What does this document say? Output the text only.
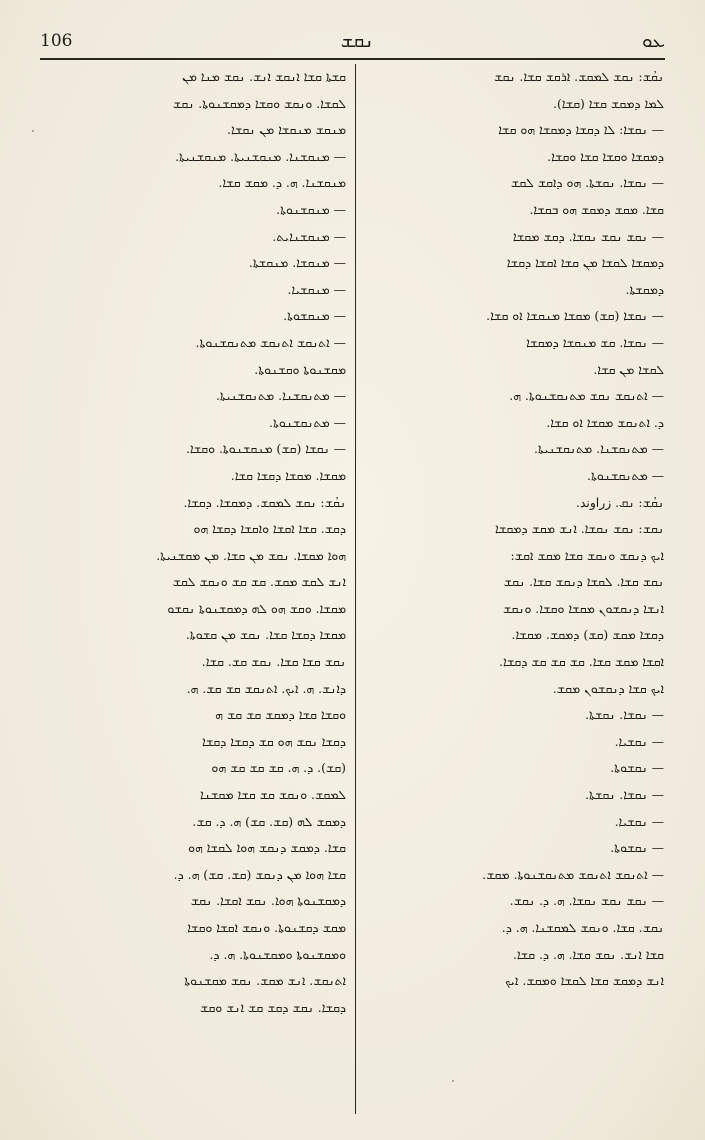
106	ܢܩܫ	ܥܘ
ܢܩܳܫ: ܢܩܫ ܠܡܩܫ. ܐܪܩܫ ܩܫܐ. ܢܩܫ
ܠܡܐ ܕܡܩܫ ܩܫܐ (ܩܫܐ).
— ܢܩܫܐ: ܠܐ ܕܩܫܐ ܕܡܩܫܐ ܗܘ ܩܫܐ
ܕܡܩܫܐ ܘܩܫܐ ܩܫܐ ܘܩܫܐ.
— ܢܩܫܐ. ܢܩܫܬܐ. ܗܘ ܕܐܩܫ ܠܩܫ
ܩܫܐ. ܡܩܫ ܕܡܩܫ ܗܘ ܒܩܫܐ.
— ܢܩܫ ܢܩܫ ܢܩܫܐ. ܕܩܫ ܡܩܫܐ
ܕܡܩܫܐ ܠܩܫܐ ܡܢ ܩܫܐ ܐܩܫܐ ܕܩܫܐ
ܕܡܩܫܬܐ.
— ܢܩܫܐ (ܩܫ) ܡܩܫܐ ܡܢܩܫܐ ܐܘ ܩܫܐ.
— ܢܩܫܐ. ܩܫ ܡܢܩܫܐ ܕܡܩܫܐ
ܠܩܫܐ ܡܢ ܩܫܐ.
— ܐܬܢܩܫ ܢܩܫ ܡܬܢܩܫܢܘܬܐ. ܗ.
ܕ. ܐܬܢܩܫ ܡܩܫܐ ܐܘ ܩܫܐ.
— ܡܬܢܩܫܢܐ. ܡܬܢܩܫܢܝܬܐ.
— ܡܬܢܩܫܢܘܬܐ.
ܢܩܳܫ: ܢܩ. زراوند.
ܢܩܫ: ܢܩܫ ܢܩܫܐ. ܐܢܫ ܡܩܫ ܕܡܩܫܐ
ܐܝܟ ܕܢܩܫ ܘܢܩܫ ܩܫܐ ܡܩܫ ܐܩܫ:
ܢܩܫ ܩܫܐ. ܠܩܫܐ ܕܢܩܫ ܩܫܐ. ܢܩܫ
ܐܢܫܐ ܕܢܩܫܘܢ ܡܩܫܐ ܘܩܫܐ. ܘܢܩܫ
ܕܩܫܐ ܡܩܫ (ܩܫ) ܕܡܩܫ. ܡܩܫܐ.
ܐܩܫܐ ܡܩܫ ܩܫܐ. ܩܫ ܩܫ ܩܫ ܕܩܫܐ.
ܐܝܟ ܩܫܐ ܕܢܩܫܘܢ ܡܩܫ.
— ܢܩܫܐ. ܢܩܫܬܐ.
— ܢܩܫܝܐ.
— ܢܩܫܘܬܐ.
— ܢܩܫܐ. ܢܩܫܬܐ.
— ܢܩܫܝܐ.
— ܢܩܫܘܬܐ.
— ܐܬܢܩܫ ܐܬܢܩܫ ܡܬܢܩܫܢܘܬܐ. ܡܩܫ.
— ܢܩܫ ܢܩܫ ܢܩܫܐ. ܗ. ܕ. ܢܩܫ.
ܢܩܫ. ܩܫܐ. ܘܢܩܫ ܠܡܩܫܢܐ. ܗ. ܕ.
ܩܫܐ ܐܢܫ. ܢܩܫ ܩܫܐ. ܗ. ܕ. ܩܫܐ.
ܐܢܫ ܕܡܩܫ ܩܫܐ ܠܩܫܐ ܘܡܩܫ. ܐܝܟ
ܩܫܬܐ ܩܫܐ ܐܢܩܫ ܐܢܫ. ܢܩܫ ܡܢܐ ܡܢ
ܠܩܫܐ. ܘܢܩܫ ܘܩܫܐ ܕܡܩܫܢܘܬܐ. ܢܩܫ
ܡܢܩܫ ܡܢܩܫܐ ܡܢ ܢܩܫܐ.
— ܡܢܩܫܢܐ. ܡܢܩܫܢܝܬܐ. ܡܢܩܫܢܝܬܐ.
ܡܢܩܫܢܐ. ܗ. ܕ. ܡܩܫ ܩܫܐ.
— ܡܢܩܫܢܘܬܐ.
— ܡܢܩܫܢܐܝܬ.
— ܡܢܩܫܐ. ܡܢܩܫܬܐ.
— ܡܢܩܫܝܐ.
— ܡܢܩܫܘܬܐ.
— ܐܬܢܩܫ ܐܬܢܩܫ ܡܬܢܩܫܢܘܬܐ.
ܡܩܫܢܘܬܐ ܘܩܫܢܘܬܐ.
— ܡܬܢܩܫܢܐ. ܡܬܢܩܫܢܝܬܐ.
— ܡܬܢܩܫܢܘܬܐ.
— ܢܩܫܐ (ܩܫ) ܡܢܩܫܢܘܬܐ. ܘܩܫܐ.
ܡܩܫܐ. ܡܩܫܐ ܕܩܫܐ ܩܫܐ.
ܢܩܳܫ: ܢܩܫ ܠܡܩܫ. ܕܡܩܫܐ. ܕܩܫܐ.
ܕܩܫ. ܩܫܐ ܐܩܫܐ ܘܐܩܫܐ ܕܩܫܐ ܗܘ
ܗܘܐ ܡܩܫܐ. ܢܩܫ ܡܢ ܩܫܐ. ܡܢ ܡܩܫܢܝܬܐ.
ܐܢܫ ܠܩܫ ܡܩܫ. ܩܫ ܩܫ ܘܢܩܫ ܠܩܫ
ܡܩܫܐ. ܘܩܫ ܗܘ ܠܗ ܕܡܩܫܢܘܬܐ ܢܩܫܘ
ܡܩܫܐ ܕܩܫܐ ܩܫܐ. ܢܩܫ ܡܢ ܩܫܘܬܐ.
ܢܩܫ ܩܫܐ ܩܫܐ. ܢܩܫ ܩܫ. ܩܫܐ.
ܕܐܢܫ. ܗ. ܐܝܟ. ܐܬܢܩܫ ܩܫ ܩܫ. ܗ.
ܘܩܫܐ ܩܫܐ ܕܡܩܫ ܩܫ ܩܫ ܗ
ܕܩܫܐ ܢܩܫ ܗܘ ܩܫ ܕܩܫܐ ܕܩܫܐ
(ܩܫ). ܕ. ܗ. ܩܫ ܩܫ ܩܫ ܗܘ
ܠܡܩܫ. ܘܢܩܫ ܩܫ ܩܫܐ ܡܩܫܢܐ
ܕܡܩܫ ܠܗ (ܩܫ. ܩܫ) ܗ. ܕ. ܩܫ.
ܩܫܐ. ܕܡܩܫ ܕܢܩܫ ܗܘܐ ܠܩܫܐ ܗܘ
ܩܫܐ ܗܘܐ ܡܢ ܕܢܩܫ (ܩܫ. ܩܫ) ܗ. ܕ.
ܕܡܩܫܢܘܬܐ ܗܘܐ. ܢܩܫ ܐܩܫܐ. ܢܩܫ
ܡܩܫ ܕܩܫܢܘܬܐ. ܘܢܩܫ ܐܩܫܐ ܘܩܫܐ
ܘܡܩܫܢܘܬܐ ܘܡܩܫܢܘܬܐ. ܗ. ܕ.
ܐܬܢܩܫ. ܐܢܫ ܡܩܫ. ܢܩܫ ܡܩܫܢܘܬܐ
ܕܩܫܐ. ܢܩܫ ܕܩܫ ܩܫ ܐܢܫ ܘܩܫ
